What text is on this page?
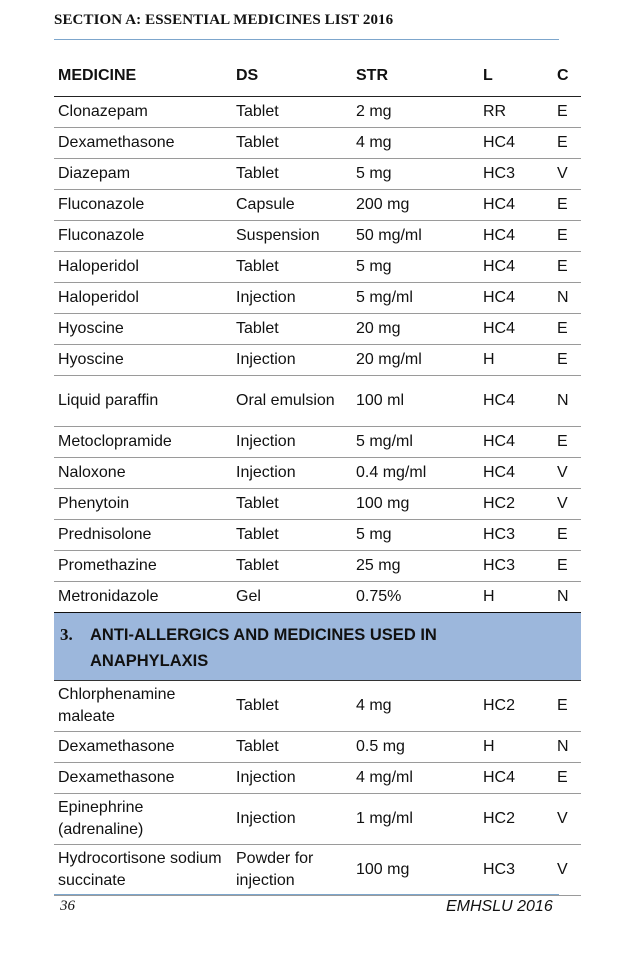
SECTION A: ESSENTIAL MEDICINES LIST 2016
MEDICINE	DS	STR	L	C
Clonazepam	Tablet	2 mg	RR	E
Dexamethasone	Tablet	4 mg	HC4	E
Diazepam	Tablet	5 mg	HC3	V
Fluconazole	Capsule	200 mg	HC4	E
Fluconazole	Suspension	50 mg/ml	HC4	E
Haloperidol	Tablet	5 mg	HC4	E
Haloperidol	Injection	5 mg/ml	HC4	N
Hyoscine	Tablet	20 mg	HC4	E
Hyoscine	Injection	20 mg/ml	H	E
Liquid paraffin	Oral emulsion	100 ml	HC4	N
Metoclopramide	Injection	5 mg/ml	HC4	E
Naloxone	Injection	0.4 mg/ml	HC4	V
Phenytoin	Tablet	100 mg	HC2	V
Prednisolone	Tablet	5 mg	HC3	E
Promethazine	Tablet	25 mg	HC3	E
Metronidazole	Gel	0.75%	H	N

3. ANTI-ALLERGICS AND MEDICINES USED IN ANAPHYLAXIS				

Chlorphenamine maleate	Tablet	4 mg	HC2	E
Dexamethasone	Tablet	0.5 mg	H	N
Dexamethasone	Injection	4 mg/ml	HC4	E
Epinephrine (adrenaline)	Injection	1 mg/ml	HC2	V
Hydrocortisone sodium succinate	Powder for injection	100 mg	HC3	V
36	EMHSLU 2016
